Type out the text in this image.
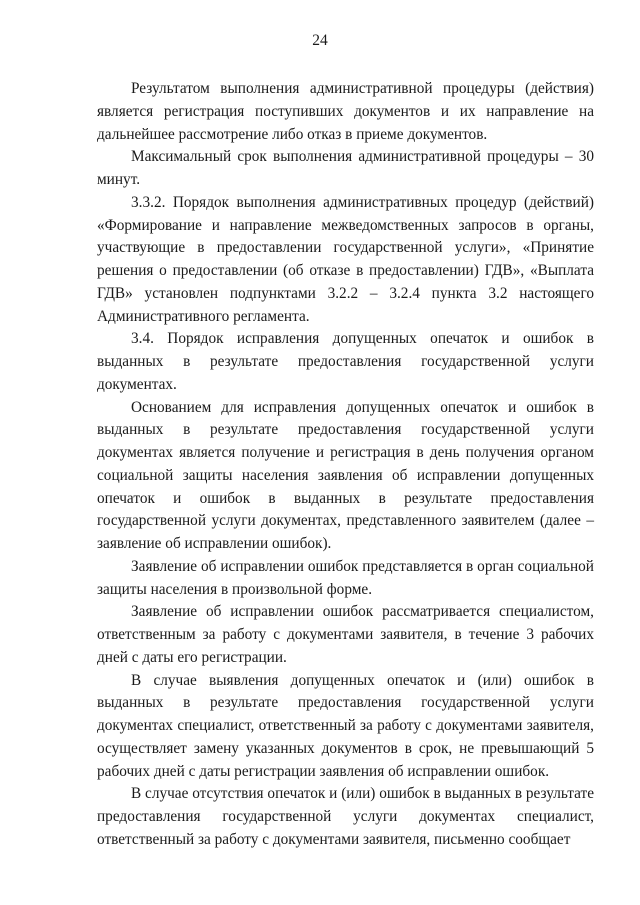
24

Результатом выполнения административной процедуры (действия) является регистрация поступивших документов и их направление на дальнейшее рассмотрение либо отказ в приеме документов.

Максимальный срок выполнения административной процедуры – 30 минут.

3.3.2. Порядок выполнения административных процедур (действий) «Формирование и направление межведомственных запросов в органы, участвующие в предоставлении государственной услуги», «Принятие решения о предоставлении (об отказе в предоставлении) ГДВ», «Выплата ГДВ» установлен подпунктами 3.2.2 – 3.2.4 пункта 3.2 настоящего Административного регламента.

3.4. Порядок исправления допущенных опечаток и ошибок в выданных в результате предоставления государственной услуги документах.

Основанием для исправления допущенных опечаток и ошибок в выданных в результате предоставления государственной услуги документах является получение и регистрация в день получения органом социальной защиты населения заявления об исправлении допущенных опечаток и ошибок в выданных в результате предоставления государственной услуги документах, представленного заявителем (далее – заявление об исправлении ошибок).

Заявление об исправлении ошибок представляется в орган социальной защиты населения в произвольной форме.

Заявление об исправлении ошибок рассматривается специалистом, ответственным за работу с документами заявителя, в течение 3 рабочих дней с даты его регистрации.

В случае выявления допущенных опечаток и (или) ошибок в выданных в результате предоставления государственной услуги документах специалист, ответственный за работу с документами заявителя, осуществляет замену указанных документов в срок, не превышающий 5 рабочих дней с даты регистрации заявления об исправлении ошибок.

В случае отсутствия опечаток и (или) ошибок в выданных в результате предоставления государственной услуги документах специалист, ответственный за работу с документами заявителя, письменно сообщает
